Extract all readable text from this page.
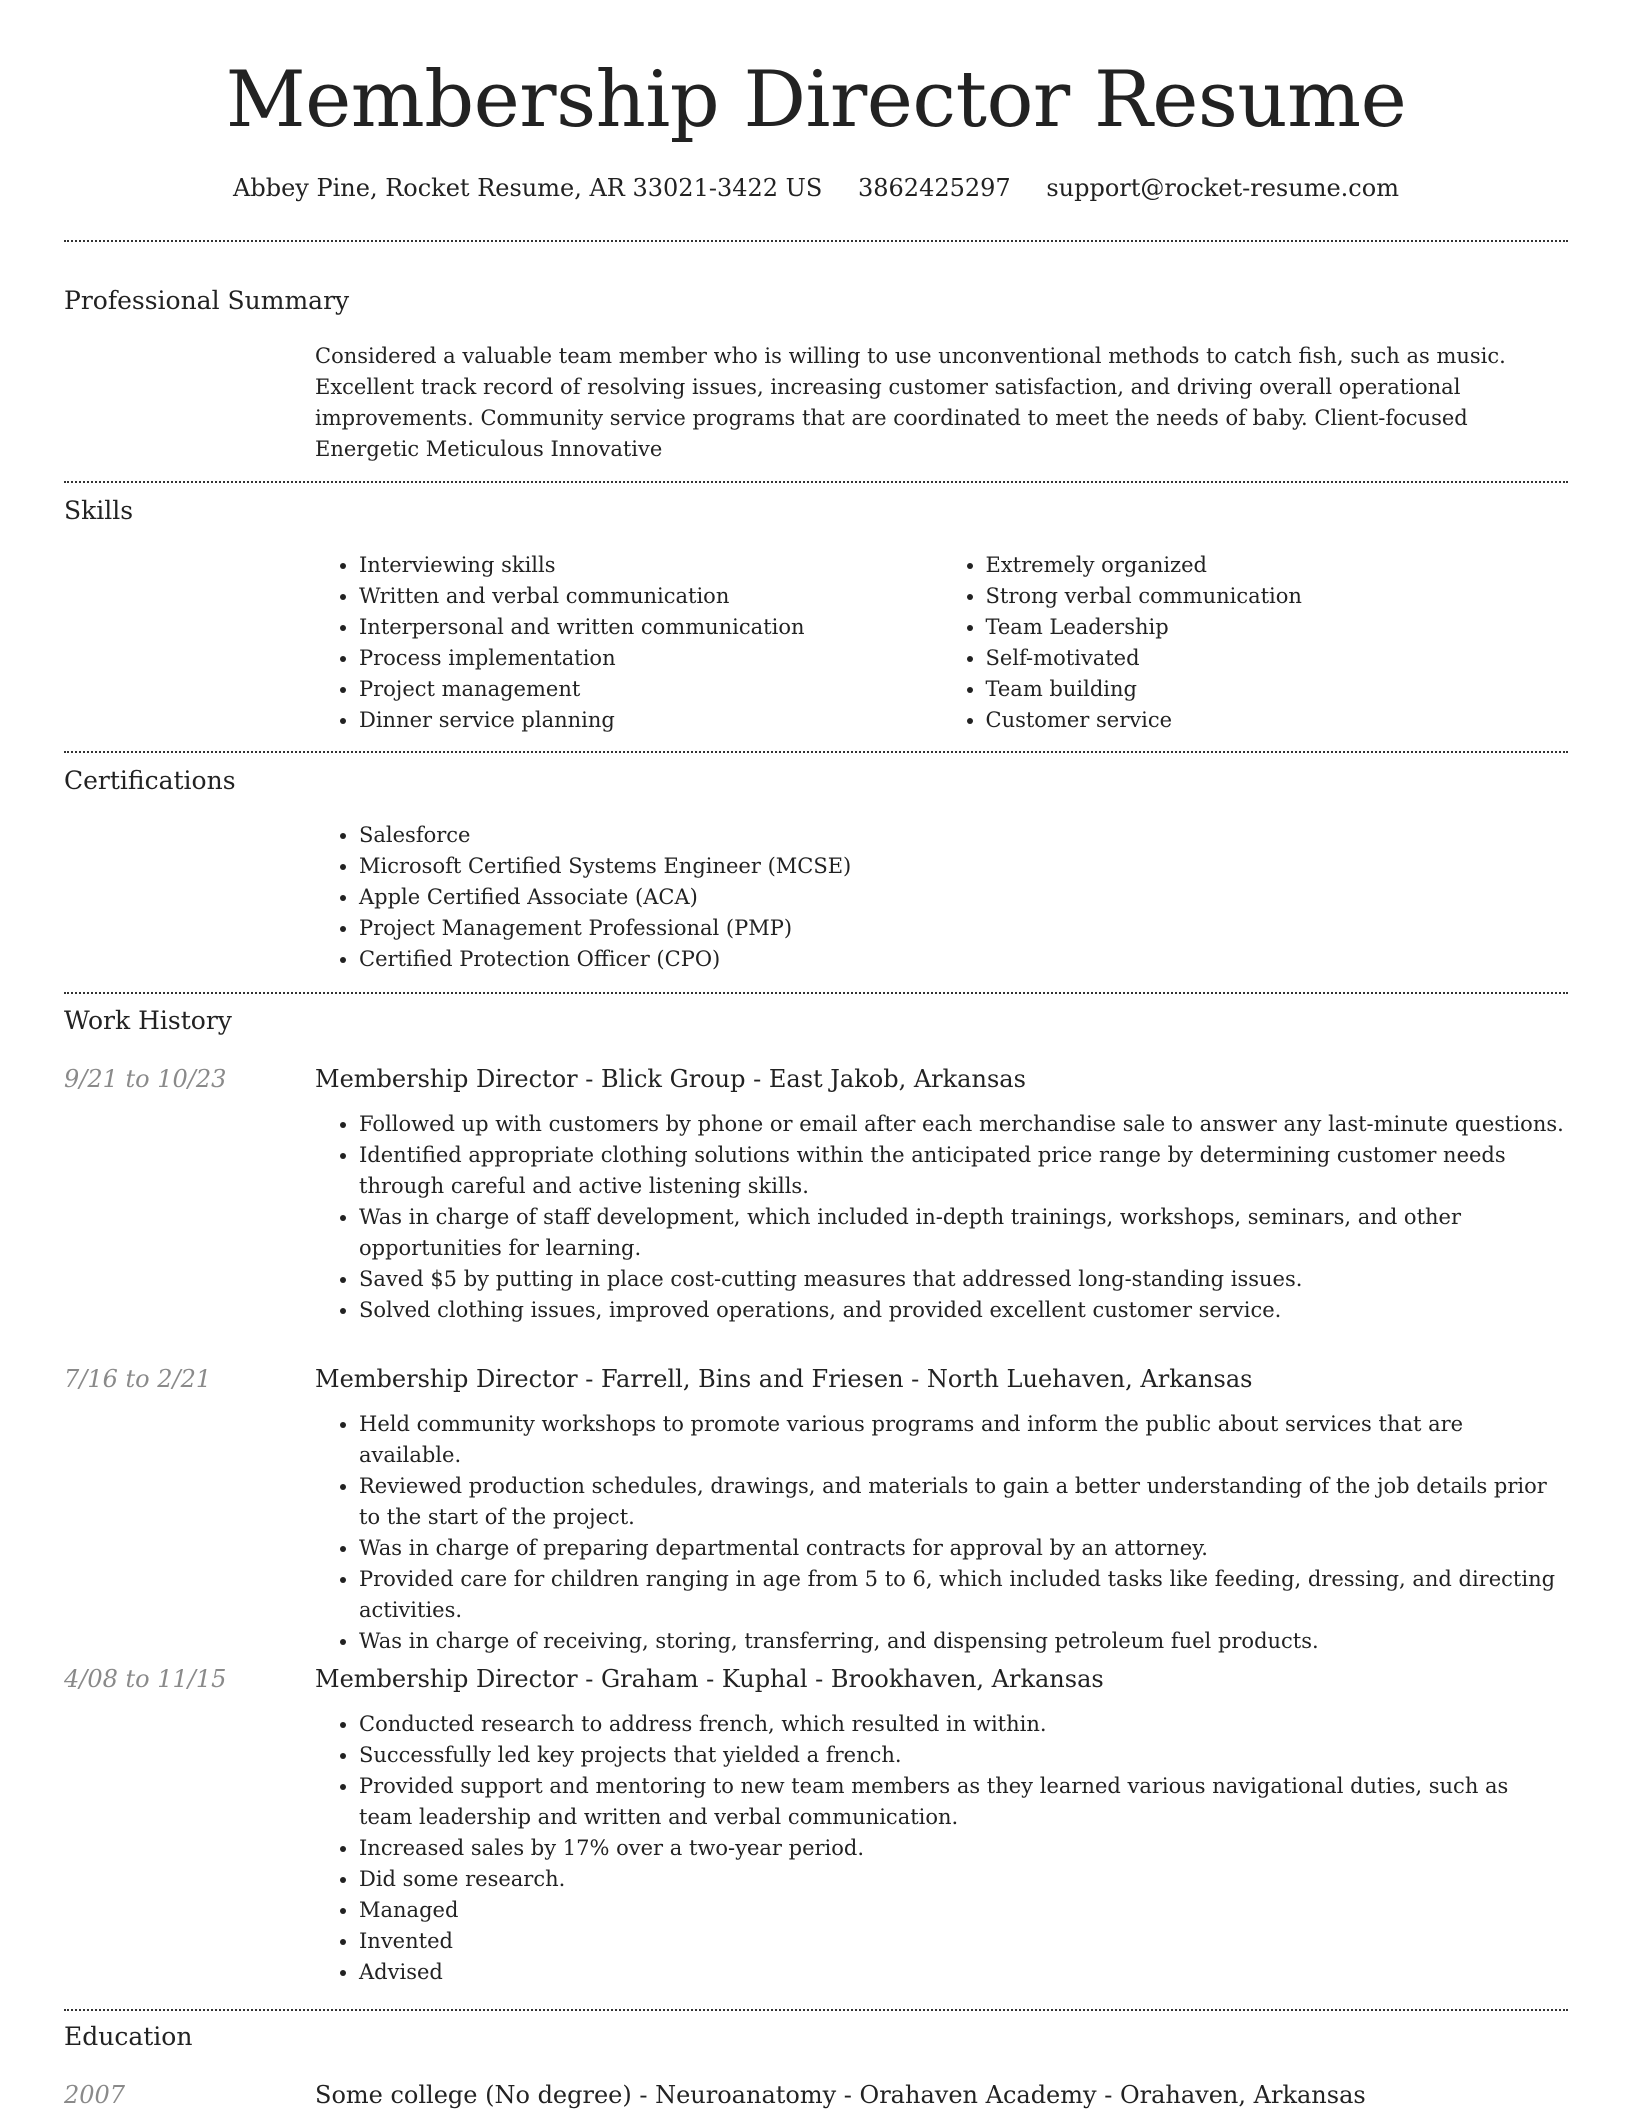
Membership Director Resume
Abbey Pine, Rocket Resume, AR 33021-3422 US 3862425297 support@rocket-resume.com
Professional Summary

Considered a valuable team member who is willing to use unconventional methods to catch fish, such as music. Excellent track record of resolving issues, increasing customer satisfaction, and driving overall operational improvements. Community service programs that are coordinated to meet the needs of baby. Client-focused Energetic Meticulous Innovative

Skills
• Interviewing skills
• Written and verbal communication
• Interpersonal and written communication
• Process implementation
• Project management
• Dinner service planning
• Extremely organized
• Strong verbal communication
• Team Leadership
• Self-motivated
• Team building
• Customer service
Certifications
• Salesforce
• Microsoft Certified Systems Engineer (MCSE)
• Apple Certified Associate (ACA)
• Project Management Professional (PMP)
• Certified Protection Officer (CPO)
Work History
9/21 to 10/23	Membership Director - Blick Group - East Jakob, Arkansas
• Followed up with customers by phone or email after each merchandise sale to answer any last-minute questions.
• Identified appropriate clothing solutions within the anticipated price range by determining customer needs through careful and active listening skills.
• Was in charge of staff development, which included in-depth trainings, workshops, seminars, and other opportunities for learning.
• Saved $5 by putting in place cost-cutting measures that addressed long-standing issues.
• Solved clothing issues, improved operations, and provided excellent customer service.
7/16 to 2/21	Membership Director - Farrell, Bins and Friesen - North Luehaven, Arkansas
• Held community workshops to promote various programs and inform the public about services that are available.
• Reviewed production schedules, drawings, and materials to gain a better understanding of the job details prior to the start of the project.
• Was in charge of preparing departmental contracts for approval by an attorney.
• Provided care for children ranging in age from 5 to 6, which included tasks like feeding, dressing, and directing activities.
• Was in charge of receiving, storing, transferring, and dispensing petroleum fuel products.
4/08 to 11/15	Membership Director - Graham - Kuphal - Brookhaven, Arkansas
• Conducted research to address french, which resulted in within.
• Successfully led key projects that yielded a french.
• Provided support and mentoring to new team members as they learned various navigational duties, such as team leadership and written and verbal communication.
• Increased sales by 17% over a two-year period.
• Did some research.
• Managed
• Invented
• Advised
Education
2007	Some college (No degree) - Neuroanatomy - Orahaven Academy - Orahaven, Arkansas
